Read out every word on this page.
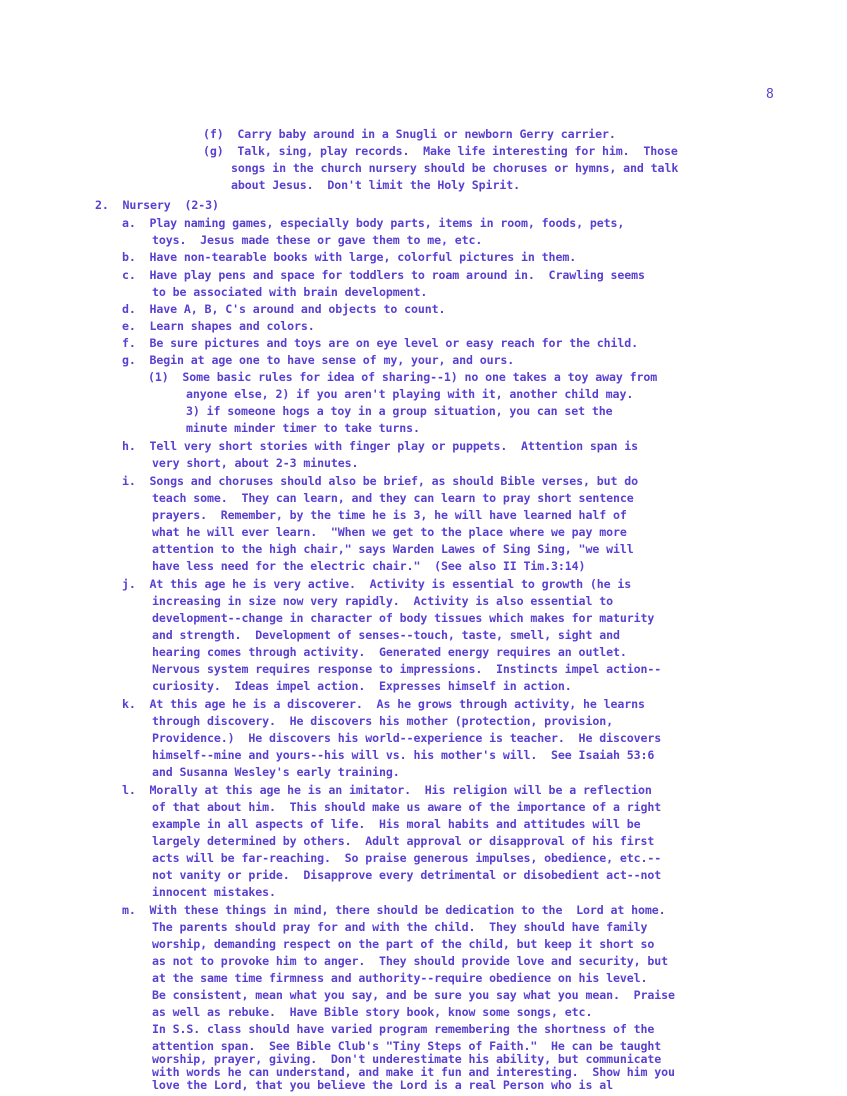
8
(f)  Carry baby around in a Snugli or newborn Gerry carrier.
(g)  Talk, sing, play records.  Make life interesting for him.  Those
songs in the church nursery should be choruses or hymns, and talk
about Jesus.  Don't limit the Holy Spirit.
2.  Nursery  (2-3)
a.  Play naming games, especially body parts, items in room, foods, pets,
toys.  Jesus made these or gave them to me, etc.
b.  Have non-tearable books with large, colorful pictures in them.
c.  Have play pens and space for toddlers to roam around in.  Crawling seems
to be associated with brain development.
d.  Have A, B, C's around and objects to count.
e.  Learn shapes and colors.
f.  Be sure pictures and toys are on eye level or easy reach for the child.
g.  Begin at age one to have sense of my, your, and ours.
(1)  Some basic rules for idea of sharing--1) no one takes a toy away from
anyone else, 2) if you aren't playing with it, another child may.
3) if someone hogs a toy in a group situation, you can set the
minute minder timer to take turns.
h.  Tell very short stories with finger play or puppets.  Attention span is
very short, about 2-3 minutes.
i.  Songs and choruses should also be brief, as should Bible verses, but do
teach some.  They can learn, and they can learn to pray short sentence
prayers.  Remember, by the time he is 3, he will have learned half of
what he will ever learn.  "When we get to the place where we pay more
attention to the high chair," says Warden Lawes of Sing Sing, "we will
have less need for the electric chair."  (See also II Tim.3:14)
j.  At this age he is very active.  Activity is essential to growth (he is
increasing in size now very rapidly.  Activity is also essential to
development--change in character of body tissues which makes for maturity
and strength.  Development of senses--touch, taste, smell, sight and
hearing comes through activity.  Generated energy requires an outlet.
Nervous system requires response to impressions.  Instincts impel action--
curiosity.  Ideas impel action.  Expresses himself in action.
k.  At this age he is a discoverer.  As he grows through activity, he learns
through discovery.  He discovers his mother (protection, provision,
Providence.)  He discovers his world--experience is teacher.  He discovers
himself--mine and yours--his will vs. his mother's will.  See Isaiah 53:6
and Susanna Wesley's early training.
l.  Morally at this age he is an imitator.  His religion will be a reflection
of that about him.  This should make us aware of the importance of a right
example in all aspects of life.  His moral habits and attitudes will be
largely determined by others.  Adult approval or disapproval of his first
acts will be far-reaching.  So praise generous impulses, obedience, etc.--
not vanity or pride.  Disapprove every detrimental or disobedient act--not
innocent mistakes.
m.  With these things in mind, there should be dedication to the  Lord at home.
The parents should pray for and with the child.  They should have family
worship, demanding respect on the part of the child, but keep it short so
as not to provoke him to anger.  They should provide love and security, but
at the same time firmness and authority--require obedience on his level.
Be consistent, mean what you say, and be sure you say what you mean.  Praise
as well as rebuke.  Have Bible story book, know some songs, etc.
In S.S. class should have varied program remembering the shortness of the
attention span.  See Bible Club's "Tiny Steps of Faith."  He can be taught
worship, prayer, giving.  Don't underestimate his ability, but communicate
with words he can understand, and make it fun and interesting.  Show him you
love the Lord, that you believe the Lord is a real Person who is al
